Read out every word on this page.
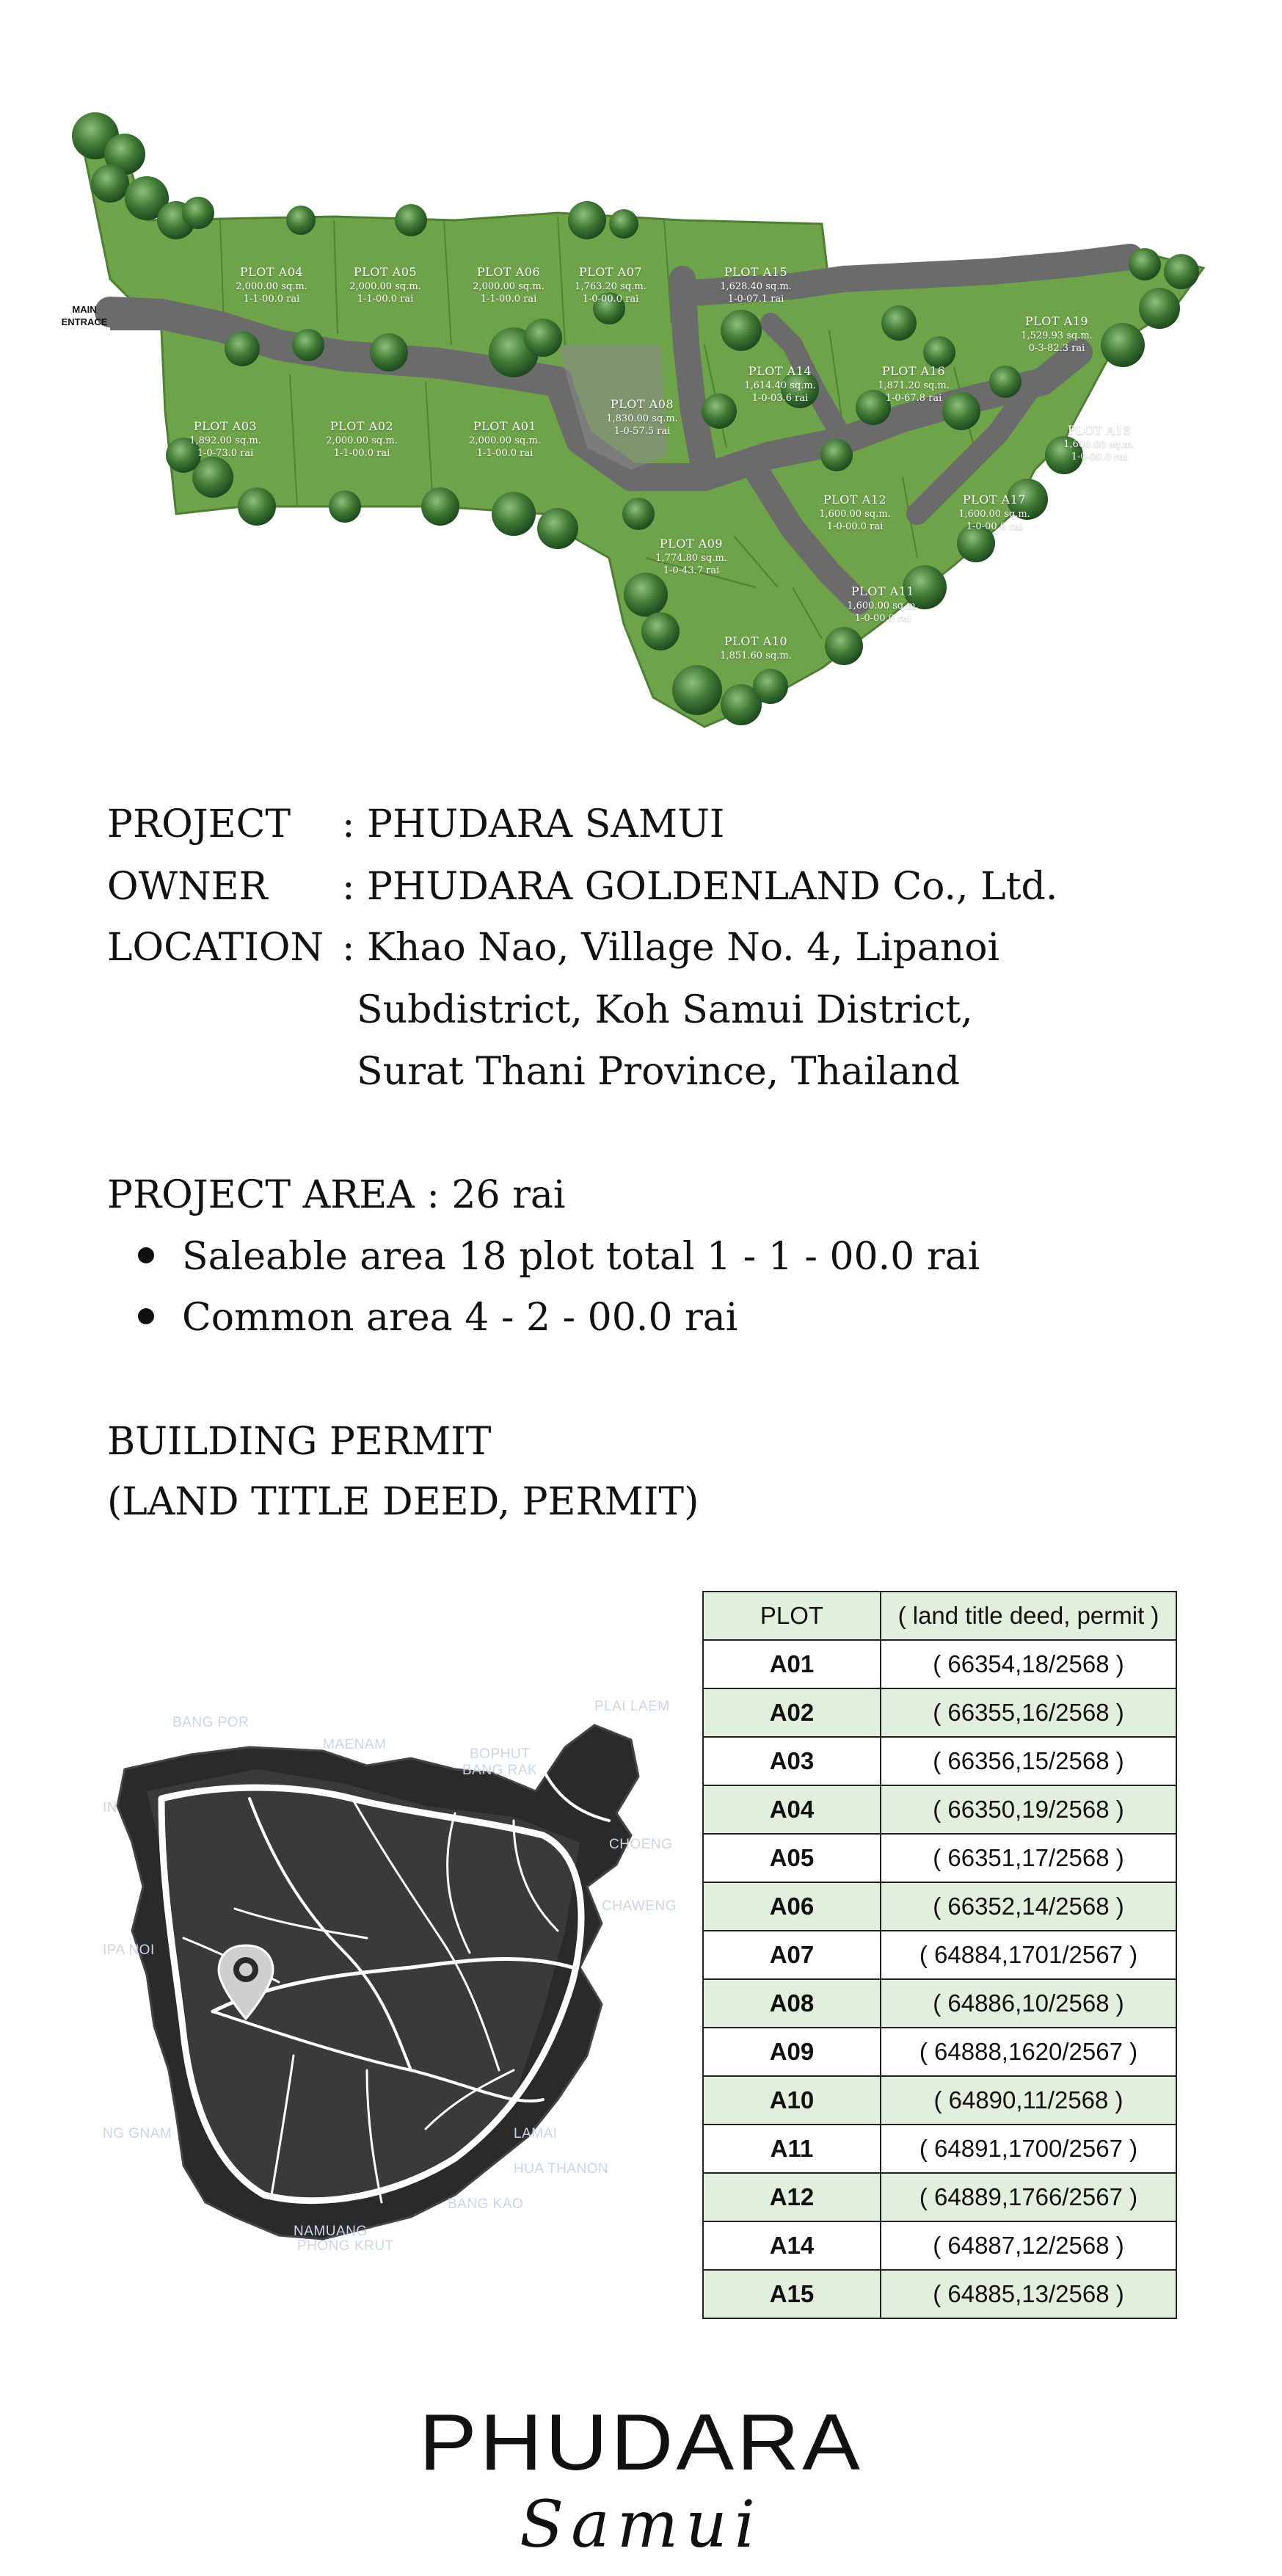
PLOT A04
2,000.00 sq.m.
1-1-00.0 rai
PLOT A05
2,000.00 sq.m.
1-1-00.0 rai
PLOT A06
2,000.00 sq.m.
1-1-00.0 rai
PLOT A07
1,763.20 sq.m.
1-0-00.0 rai
PLOT A15
1,628.40 sq.m.
1-0-07.1 rai
PLOT A19
1,529.93 sq.m.
0-3-82.3 rai
PLOT A14
1,614.40 sq.m.
1-0-03.6 rai
PLOT A16
1,871.20 sq.m.
1-0-67.8 rai
PLOT A08
1,830.00 sq.m.
1-0-57.5 rai
PLOT A03
1,892.00 sq.m.
1-0-73.0 rai
PLOT A02
2,000.00 sq.m.
1-1-00.0 rai
PLOT A01
2,000.00 sq.m.
1-1-00.0 rai
PLOT A18
1,600.00 sq.m.
1-0-00.0 rai
PLOT A12
1,600.00 sq.m.
1-0-00.0 rai
PLOT A17
1,600.00 sq.m.
1-0-00.0 rai
PLOT A09
1,774.80 sq.m.
1-0-43.7 rai
PLOT A11
1,600.00 sq.m.
1-0-00.0 rai
PLOT A10
1,851.60 sq.m.
MAIN
ENTRACE
PROJECT : PHUDARA SAMUI
OWNER : PHUDARA GOLDENLAND Co., Ltd.
LOCATION : Khao Nao, Village No. 4, Lipanoi
Subdistrict, Koh Samui District,
Surat Thani Province, Thailand
PROJECT AREA : 26 rai
Saleable area 18 plot total 1 - 1 - 00.0 rai
Common area 4 - 2 - 00.0 rai
BUILDING PERMIT
(LAND TITLE DEED, PERMIT)
BANG POR
MAENAM
BOPHUT
BANG RAK
PLAI LAEM
CHOENG
CHAWENG
IPA NOI
IN
NG GNAM	LAMAI
HUA THANON
BANG KAO
NAMUANG
PHONG KRUT
PLOT	( land title deed, permit )
A01	( 66354,18/2568 )
A02	( 66355,16/2568 )
A03	( 66356,15/2568 )
A04	( 66350,19/2568 )
A05	( 66351,17/2568 )
A06	( 66352,14/2568 )
A07	( 64884,1701/2567 )
A08	( 64886,10/2568 )
A09	( 64888,1620/2567 )
A10	( 64890,11/2568 )
A11	( 64891,1700/2567 )
A12	( 64889,1766/2567 )
A14	( 64887,12/2568 )
A15	( 64885,13/2568 )
PHUDARA
Samui
